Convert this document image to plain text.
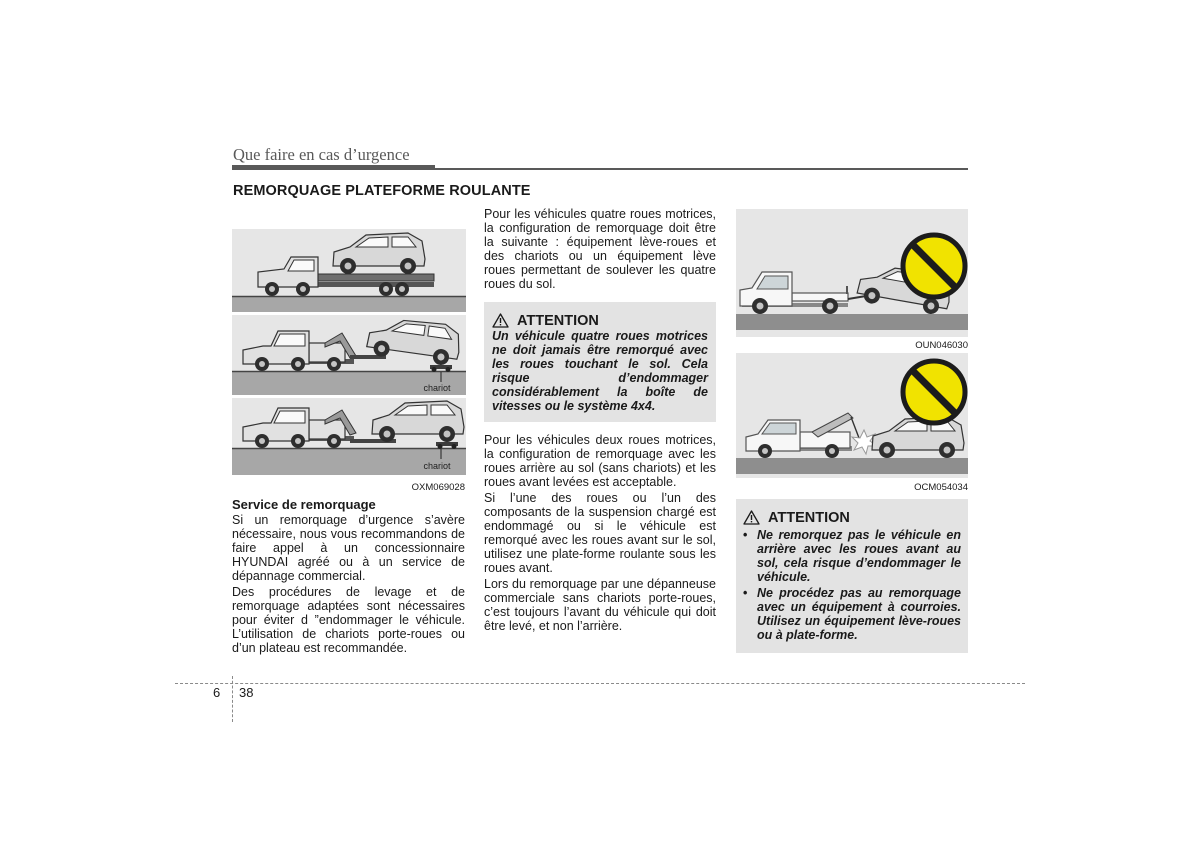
Que faire en cas d’urgence
REMORQUAGE PLATEFORME ROULANTE
chariot
chariot
OXM069028
Service de remorquage

Si un remorquage d’urgence s’avère nécessaire, nous vous recommandons de faire appel à un concessionnaire HYUNDAI agréé ou à un service de dépannage commercial.

Des procédures de levage et de remorquage adaptées sont nécessaires pour éviter d ”endommager le véhicule. L’utilisation de chariots porte-roues ou d’un plateau est recommandée.

Pour les véhicules quatre roues motrices, la configuration de remorquage doit être la suivante : équipement lève-roues et des chariots ou un équipement lève roues permettant de soulever les quatre roues du sol.

ATTENTION
Un véhicule quatre roues motrices ne doit jamais être remorqué avec les roues touchant le sol. Cela risque d’endommager considérablement la boîte de vitesses ou le système 4x4.

Pour les véhicules deux roues motrices, la configuration de remorquage avec les roues arrière au sol (sans chariots) et les roues avant levées est acceptable.

Si l’une des roues ou l’un des composants de la suspension chargé est endommagé ou si le véhicule est remorqué avec les roues avant sur le sol, utilisez une plate-forme roulante sous les roues avant.

Lors du remorquage par une dépanneuse commerciale sans chariots porte-roues, c’est toujours l’avant du véhicule qui doit être levé, et non l’arrière.

OUN046030
OCM054034
ATTENTION
• Ne remorquez pas le véhicule en arrière avec les roues avant au sol, cela risque d’endommager le véhicule.
• Ne procédez pas au remorquage avec un équipement à courroies. Utilisez un équipement lève-roues ou à plate-forme.
6 38
